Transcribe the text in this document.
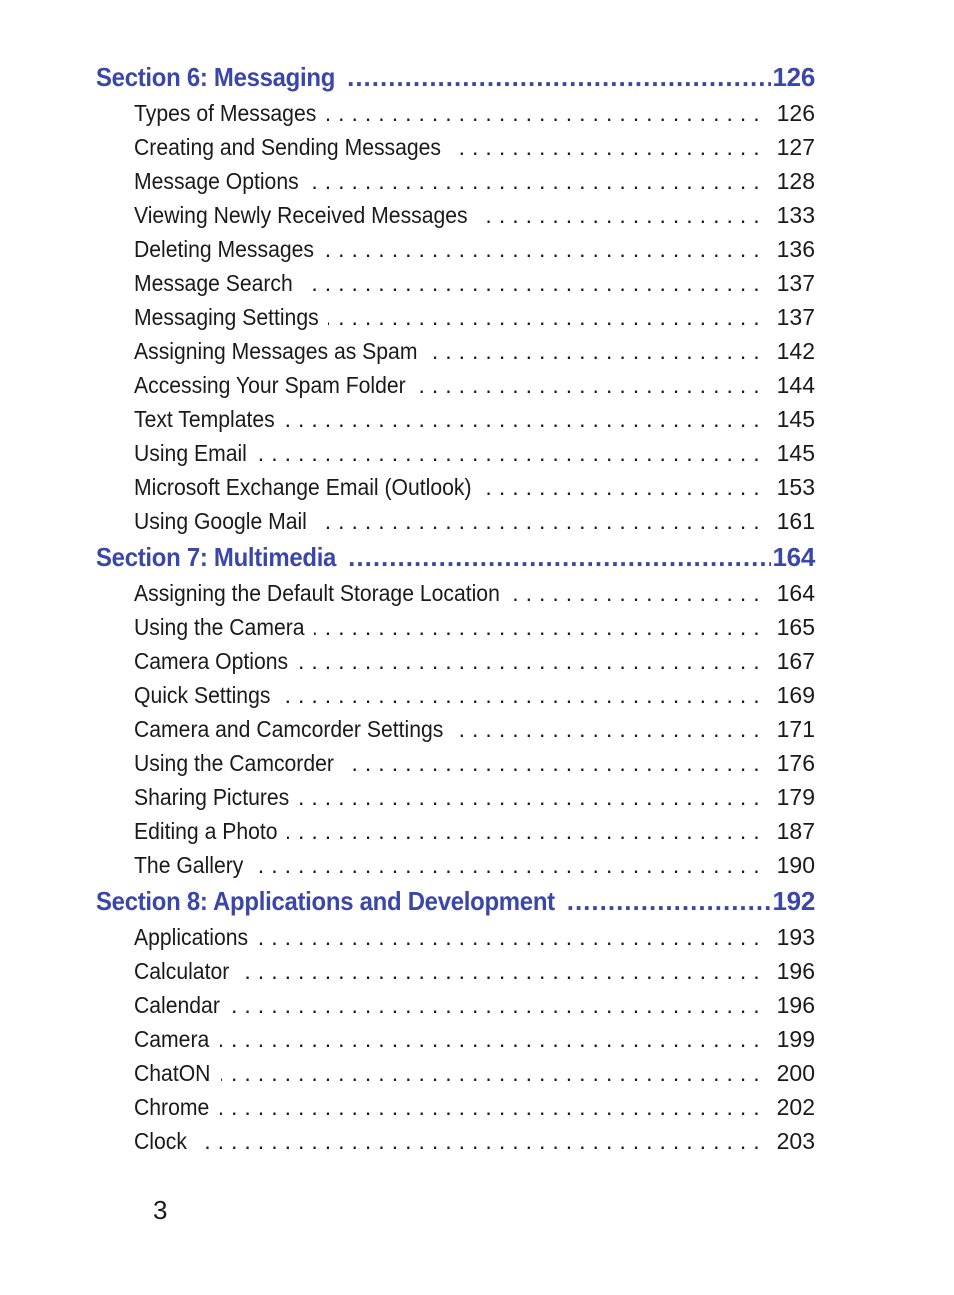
Section 6: Messaging .....	126
Types of Messages .....	126
Creating and Sending Messages .....	127
Message Options .....	128
Viewing Newly Received Messages .....	133
Deleting Messages .....	136
Message Search .....	137
Messaging Settings .....	137
Assigning Messages as Spam .....	142
Accessing Your Spam Folder .....	144
Text Templates .....	145
Using Email .....	145
Microsoft Exchange Email (Outlook) .....	153
Using Google Mail .....	161
Section 7: Multimedia .....	164
Assigning the Default Storage Location .....	164
Using the Camera .....	165
Camera Options .....	167
Quick Settings .....	169
Camera and Camcorder Settings .....	171
Using the Camcorder .....	176
Sharing Pictures .....	179
Editing a Photo .....	187
The Gallery .....	190
Section 8: Applications and Development .....	192
Applications .....	193
Calculator .....	196
Calendar .....	196
Camera .....	199
ChatON .....	200
Chrome .....	202
Clock .....	203
3
